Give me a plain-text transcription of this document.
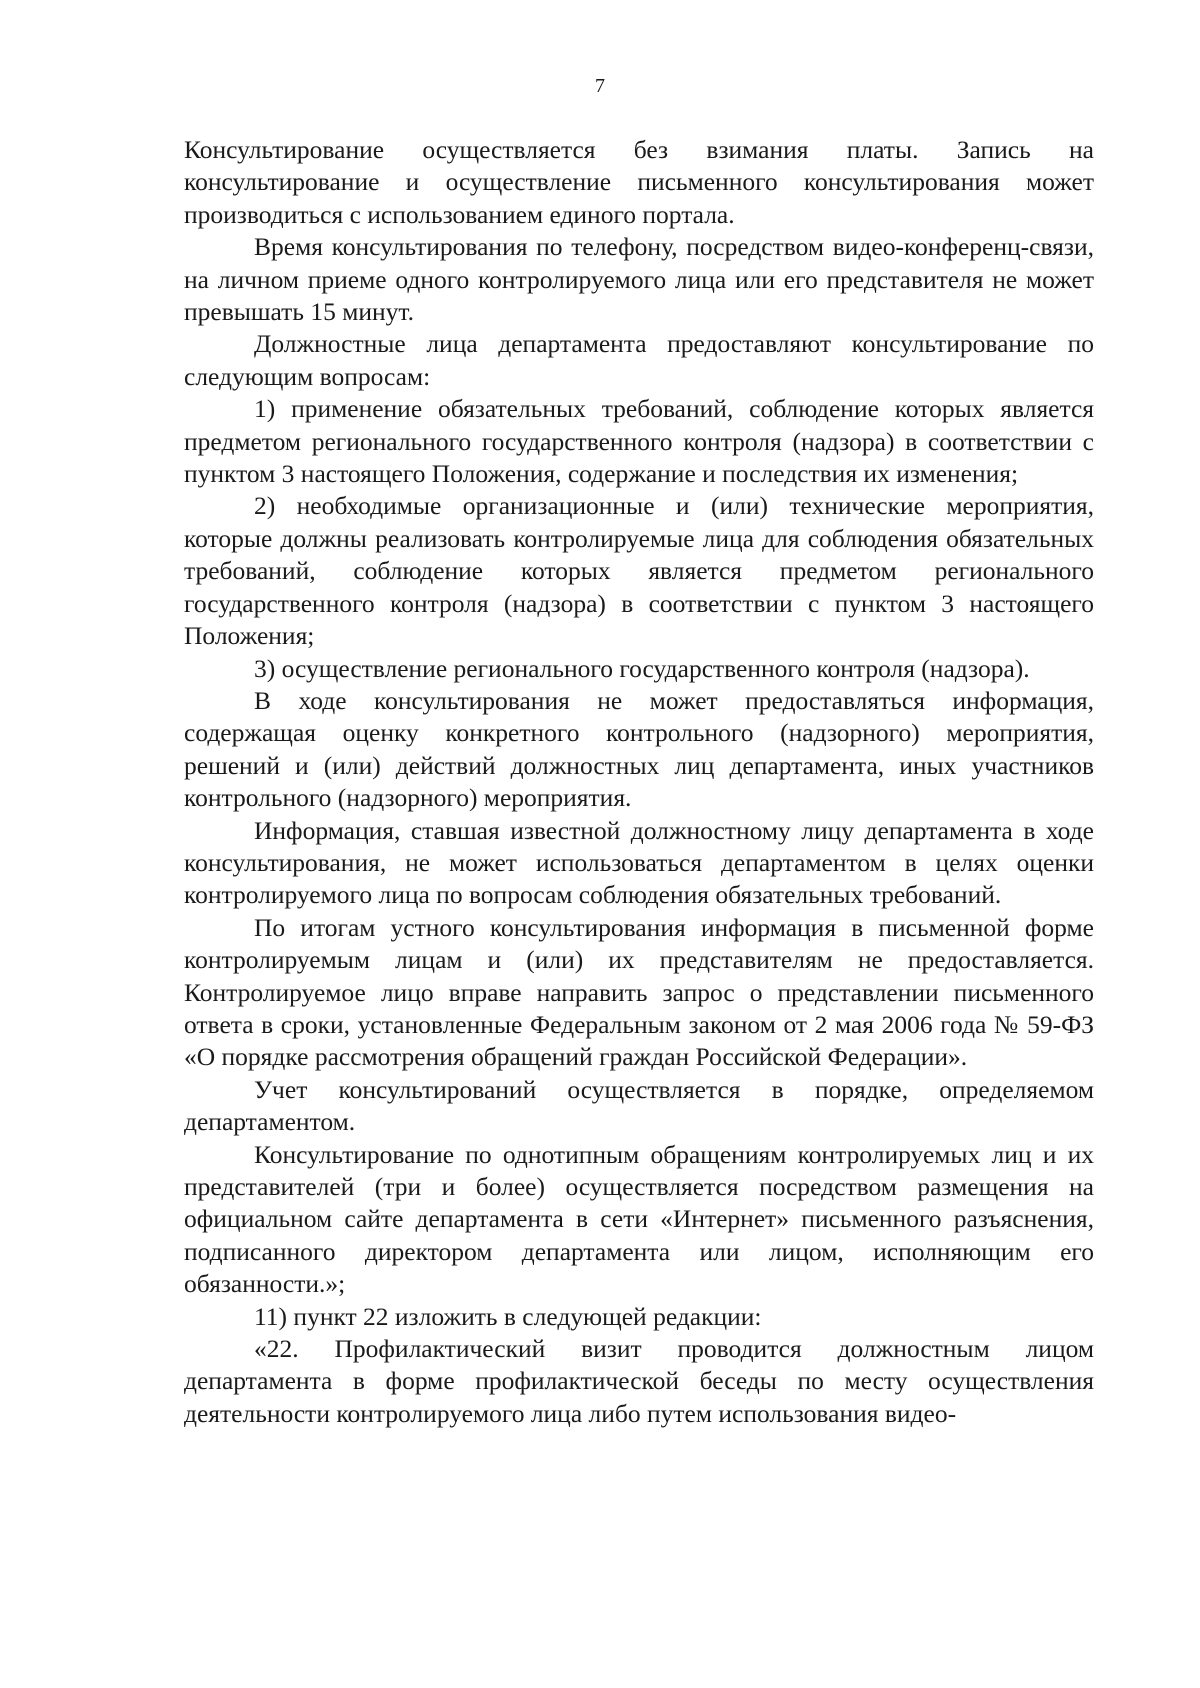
7

Консультирование осуществляется без взимания платы. Запись на консультирование и осуществление письменного консультирования может производиться с использованием единого портала.

Время консультирования по телефону, посредством видео-конференц-связи, на личном приеме одного контролируемого лица или его представителя не может превышать 15 минут.

Должностные лица департамента предоставляют консультирование по следующим вопросам:

1) применение обязательных требований, соблюдение которых является предметом регионального государственного контроля (надзора) в соответствии с пунктом 3 настоящего Положения, содержание и последствия их изменения;

2) необходимые организационные и (или) технические мероприятия, которые должны реализовать контролируемые лица для соблюдения обязательных требований, соблюдение которых является предметом регионального государственного контроля (надзора) в соответствии с пунктом 3 настоящего Положения;

3) осуществление регионального государственного контроля (надзора).

В ходе консультирования не может предоставляться информация, содержащая оценку конкретного контрольного (надзорного) мероприятия, решений и (или) действий должностных лиц департамента, иных участников контрольного (надзорного) мероприятия.

Информация, ставшая известной должностному лицу департамента в ходе консультирования, не может использоваться департаментом в целях оценки контролируемого лица по вопросам соблюдения обязательных требований.

По итогам устного консультирования информация в письменной форме контролируемым лицам и (или) их представителям не предоставляется. Контролируемое лицо вправе направить запрос о представлении письменного ответа в сроки, установленные Федеральным законом от 2 мая 2006 года № 59-ФЗ «О порядке рассмотрения обращений граждан Российской Федерации».

Учет консультирований осуществляется в порядке, определяемом департаментом.

Консультирование по однотипным обращениям контролируемых лиц и их представителей (три и более) осуществляется посредством размещения на официальном сайте департамента в сети «Интернет» письменного разъяснения, подписанного директором департамента или лицом, исполняющим его обязанности.»;

11) пункт 22 изложить в следующей редакции:

«22. Профилактический визит проводится должностным лицом департамента в форме профилактической беседы по месту осуществления деятельности контролируемого лица либо путем использования видео-
